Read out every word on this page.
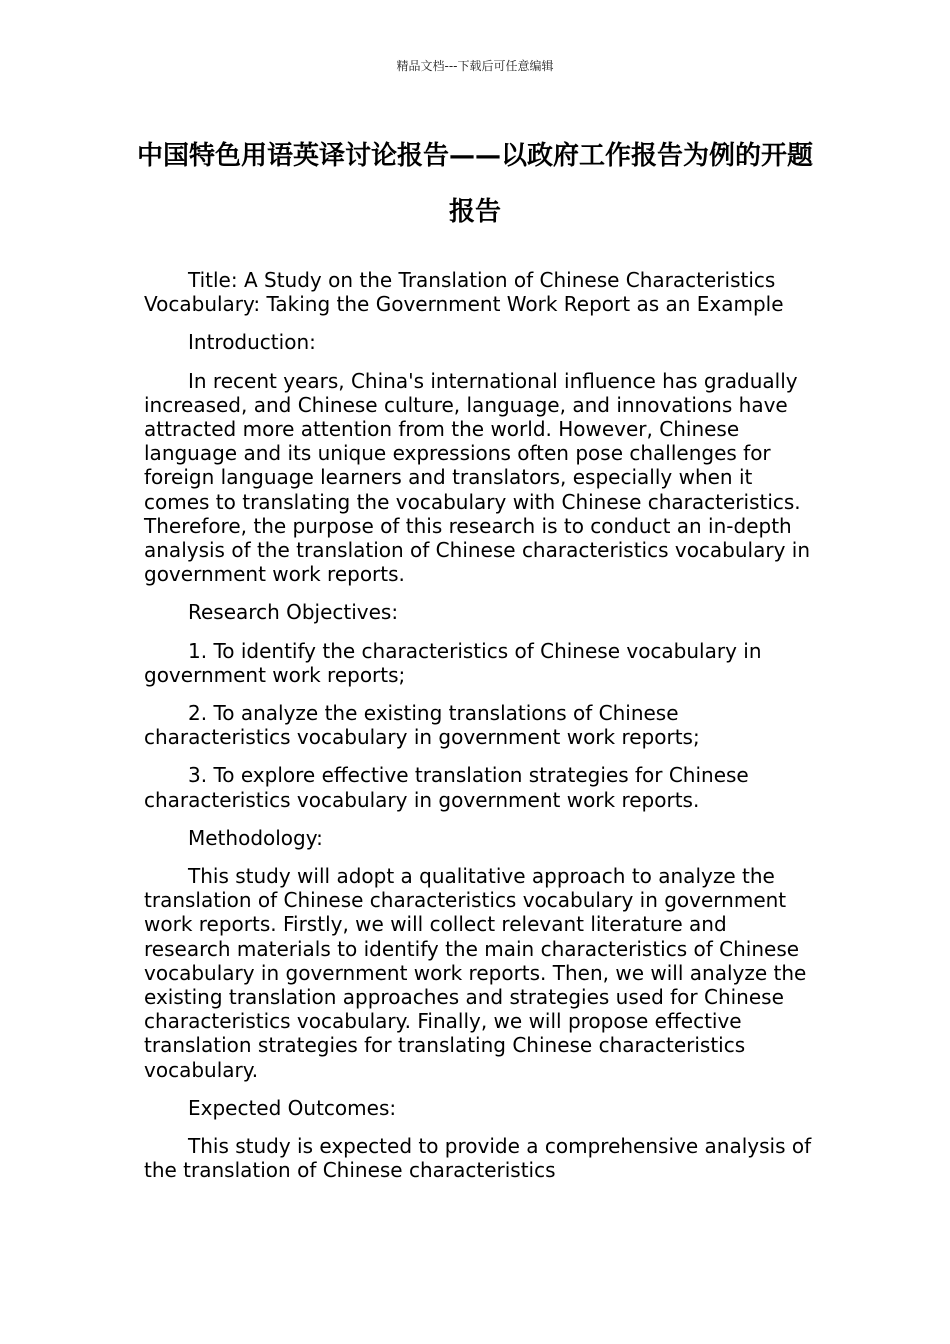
精品文档---下载后可任意编辑
中国特色用语英译讨论报告——以政府工作报告为例的开题报告

Title: A Study on the Translation of Chinese Characteristics Vocabulary: Taking the Government Work Report as an Example

Introduction:

In recent years, China's international influence has gradually increased, and Chinese culture, language, and innovations have attracted more attention from the world. However, Chinese language and its unique expressions often pose challenges for foreign language learners and translators, especially when it comes to translating the vocabulary with Chinese characteristics. Therefore, the purpose of this research is to conduct an in-depth analysis of the translation of Chinese characteristics vocabulary in government work reports.

Research Objectives:

1. To identify the characteristics of Chinese vocabulary in government work reports;

2. To analyze the existing translations of Chinese characteristics vocabulary in government work reports;

3. To explore effective translation strategies for Chinese characteristics vocabulary in government work reports.

Methodology:

This study will adopt a qualitative approach to analyze the translation of Chinese characteristics vocabulary in government work reports. Firstly, we will collect relevant literature and research materials to identify the main characteristics of Chinese vocabulary in government work reports. Then, we will analyze the existing translation approaches and strategies used for Chinese characteristics vocabulary. Finally, we will propose effective translation strategies for translating Chinese characteristics vocabulary.

Expected Outcomes:

This study is expected to provide a comprehensive analysis of the translation of Chinese characteristics
